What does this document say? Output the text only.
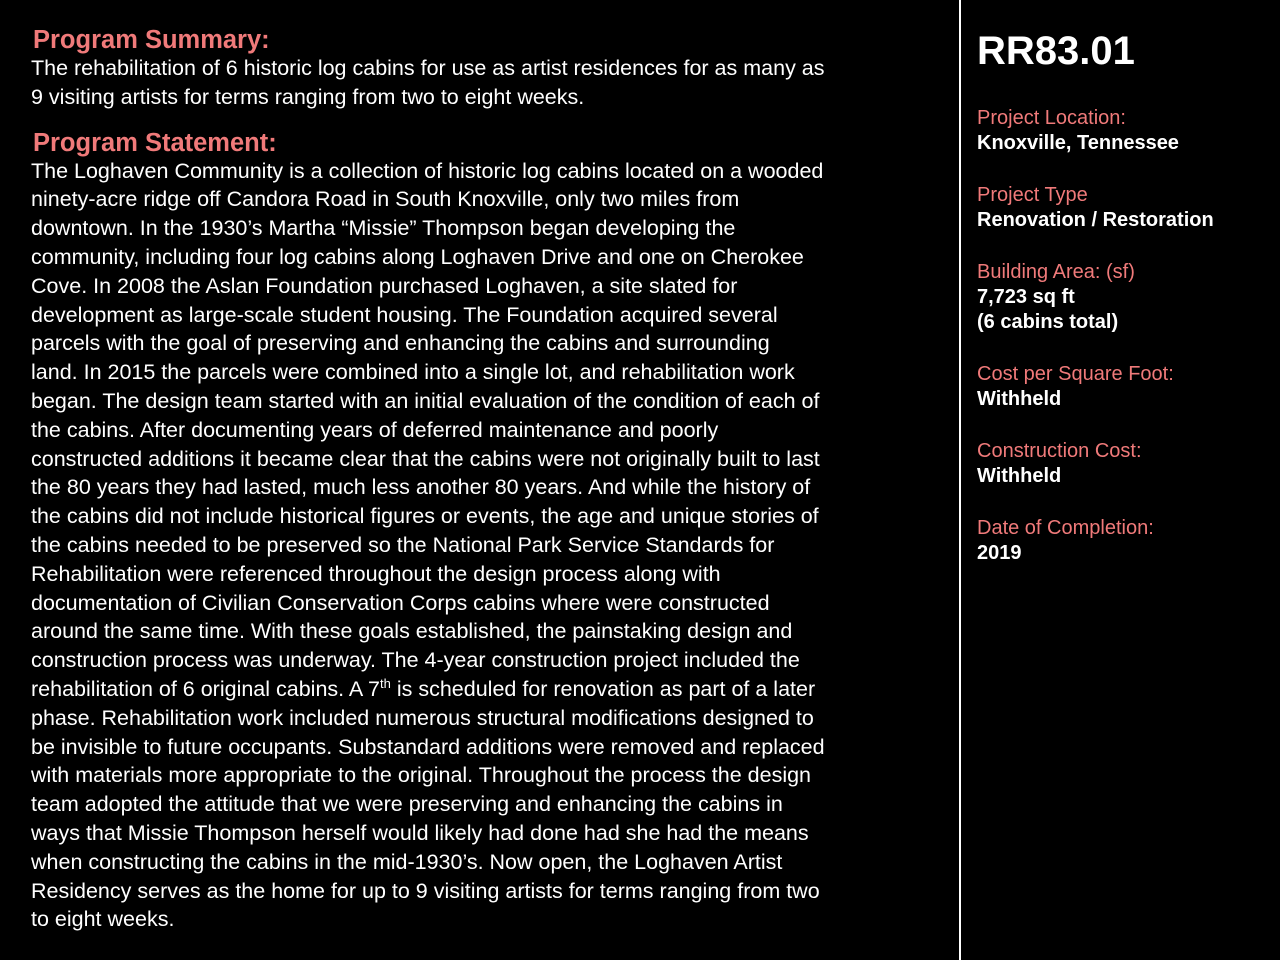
Program Summary:

The rehabilitation of 6 historic log cabins for use as artist residences for as many as
9 visiting artists for terms ranging from two to eight weeks.

Program Statement:

The Loghaven Community is a collection of historic log cabins located on a wooded
ninety-acre ridge off Candora Road in South Knoxville, only two miles from
downtown. In the 1930’s Martha “Missie” Thompson began developing the
community, including four log cabins along Loghaven Drive and one on Cherokee
Cove. In 2008 the Aslan Foundation purchased Loghaven, a site slated for
development as large-scale student housing. The Foundation acquired several
parcels with the goal of preserving and enhancing the cabins and surrounding
land. In 2015 the parcels were combined into a single lot, and rehabilitation work
began. The design team started with an initial evaluation of the condition of each of
the cabins. After documenting years of deferred maintenance and poorly
constructed additions it became clear that the cabins were not originally built to last
the 80 years they had lasted, much less another 80 years. And while the history of
the cabins did not include historical figures or events, the age and unique stories of
the cabins needed to be preserved so the National Park Service Standards for
Rehabilitation were referenced throughout the design process along with
documentation of Civilian Conservation Corps cabins where were constructed
around the same time. With these goals established, the painstaking design and
construction process was underway. The 4-year construction project included the
rehabilitation of 6 original cabins. A 7th is scheduled for renovation as part of a later
phase. Rehabilitation work included numerous structural modifications designed to
be invisible to future occupants. Substandard additions were removed and replaced
with materials more appropriate to the original. Throughout the process the design
team adopted the attitude that we were preserving and enhancing the cabins in
ways that Missie Thompson herself would likely had done had she had the means
when constructing the cabins in the mid-1930’s. Now open, the Loghaven Artist
Residency serves as the home for up to 9 visiting artists for terms ranging from two
to eight weeks.

RR83.01
Project Location:
Knoxville, Tennessee
Project Type
Renovation / Restoration
Building Area: (sf)
7,723 sq ft
(6 cabins total)
Cost per Square Foot:
Withheld
Construction Cost:
Withheld
Date of Completion:
2019
